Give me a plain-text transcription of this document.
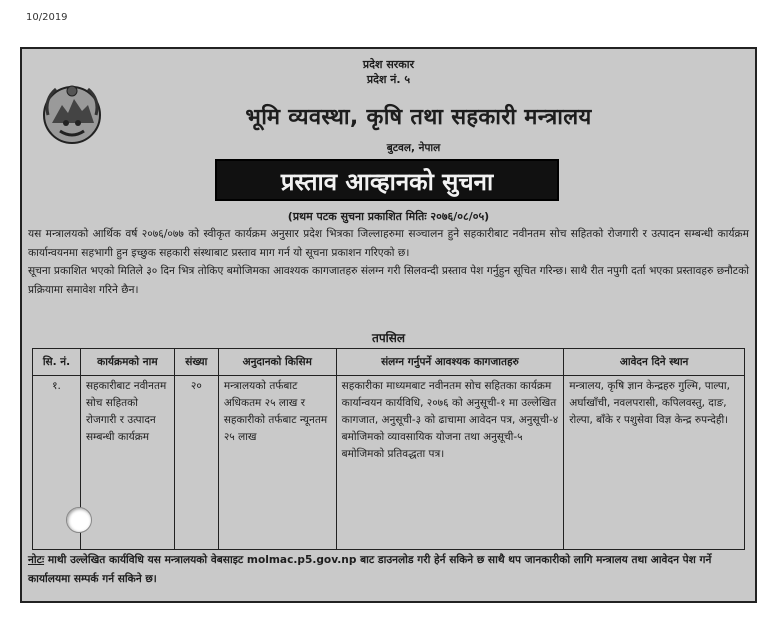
10/2019
प्रदेश सरकार
प्रदेश नं. ५
भूमि व्यवस्था, कृषि तथा सहकारी मन्त्रालय
बुटवल, नेपाल
प्रस्ताव आव्हानको सुचना
(प्रथम पटक सुचना प्रकाशित मितिः २०७६/०८/०५)

यस मन्त्रालयको आर्थिक वर्ष २०७६/०७७ को स्वीकृत कार्यक्रम अनुसार प्रदेश भित्रका जिल्लाहरुमा सञ्चालन हुने सहकारीबाट नवीनतम सोच सहितको रोजगारी र उत्पादन सम्बन्धी कार्यक्रम कार्यान्वयनमा सहभागी हुन इच्छुक सहकारी संस्थाबाट प्रस्ताव माग गर्न यो सूचना प्रकाशन गरिएको छ।

सूचना प्रकाशित भएको मितिले ३० दिन भित्र तोकिए बमोजिमका आवश्यक कागजातहरु संलग्न गरी सिलवन्दी प्रस्ताव पेश गर्नुहुन सूचित गरिन्छ। साथै रीत नपुगी दर्ता भएका प्रस्तावहरु छनौटको प्रक्रियामा समावेश गरिने छैन।

तपसिल
सि. नं.	कार्यक्रमको नाम	संख्या	अनुदानको किसिम	संलग्न गर्नुपर्ने आवश्यक कागजातहरु	आवेदन दिने स्थान
१.	सहकारीबाट नवीनतम सोच सहितको रोजगारी र उत्पादन सम्बन्धी कार्यक्रम	२०	मन्त्रालयको तर्फबाट अधिकतम २५ लाख र सहकारीको तर्फबाट न्यूनतम २५ लाख	सहकारीका माध्यमबाट नवीनतम सोच सहितका कार्यक्रम कार्यान्वयन कार्यविधि, २०७६ को अनुसूची-१ मा उल्लेखित कागजात, अनुसूची-३ को ढाचामा आवेदन पत्र, अनुसूची-४ बमोजिमको व्यावसायिक योजना तथा अनुसूची-५ बमोजिमको प्रतिवद्धता पत्र।	मन्त्रालय, कृषि ज्ञान केन्द्रहरु गुल्मि, पाल्पा, अर्घाखाँची, नवलपरासी, कपिलवस्तु, दाङ, रोल्पा, बाँके र पशुसेवा विज्ञ केन्द्र रुपन्देही।
नोटः माथी उल्लेखित कार्यविधि यस मन्त्रालयको वेबसाइट molmac.p5.gov.np बाट डाउनलोड गरी हेर्न सकिने छ साथै थप जानकारीको लागि मन्त्रालय तथा आवेदन पेश गर्ने कार्यालयमा सम्पर्क गर्न सकिने छ।
